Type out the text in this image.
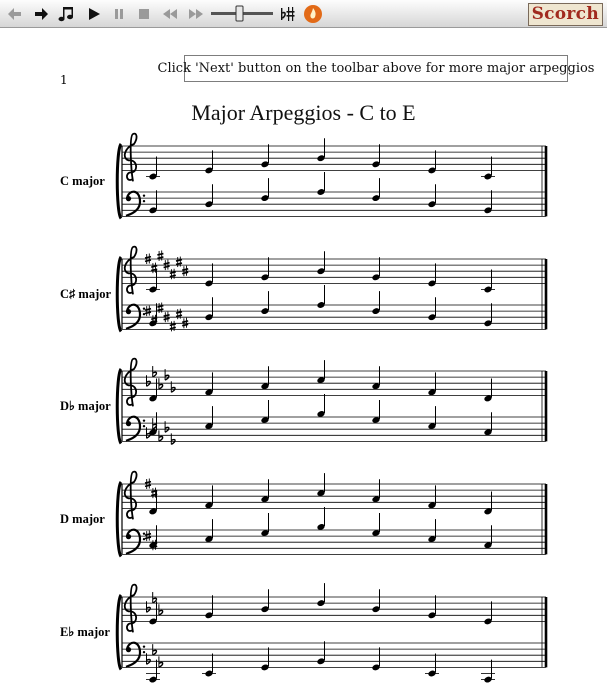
Scorch
1
Click 'Next' button on the toolbar above for more major arpeggios
Major Arpeggios - C to E
C major
C♯ major
D♭ major
D major
E♭ major
